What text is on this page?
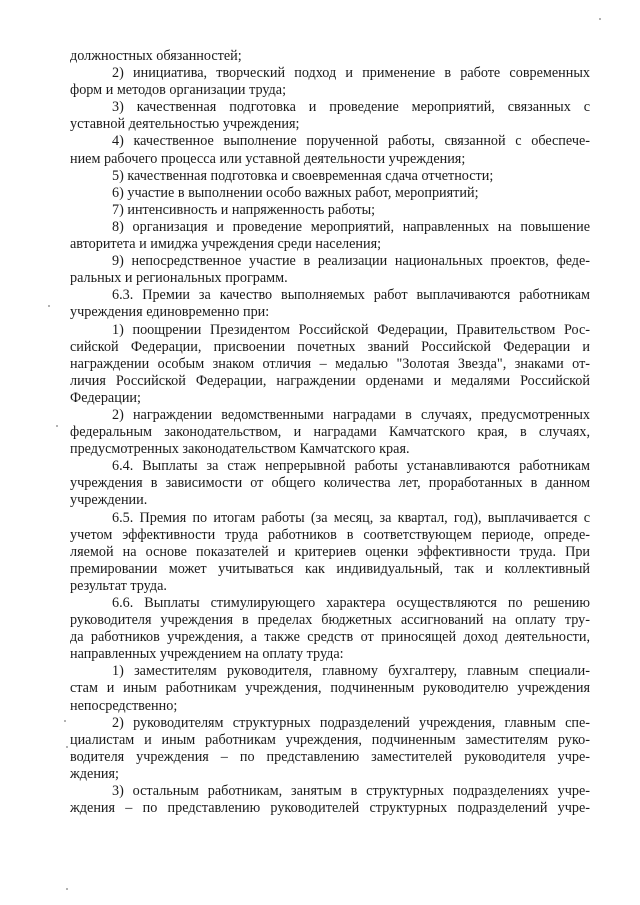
должностных обязанностей;
2) инициатива, творческий подход и применение в работе современных
форм и методов организации труда;
3) качественная подготовка и проведение мероприятий, связанных с
уставной деятельностью учреждения;
4) качественное выполнение порученной работы, связанной с обеспече-
нием рабочего процесса или уставной деятельности учреждения;
5) качественная подготовка и своевременная сдача отчетности;
6) участие в выполнении особо важных работ, мероприятий;
7) интенсивность и напряженность работы;
8) организация и проведение мероприятий, направленных на повышение
авторитета и имиджа учреждения среди населения;
9) непосредственное участие в реализации национальных проектов, феде-
ральных и региональных программ.
6.3. Премии за качество выполняемых работ выплачиваются работникам
учреждения единовременно при:
1) поощрении Президентом Российской Федерации, Правительством Рос-
сийской Федерации, присвоении почетных званий Российской Федерации и
награждении особым знаком отличия – медалью "Золотая Звезда", знаками от-
личия Российской Федерации, награждении орденами и медалями Российской
Федерации;
2) награждении ведомственными наградами в случаях, предусмотренных
федеральным законодательством, и наградами Камчатского края, в случаях,
предусмотренных законодательством Камчатского края.
6.4. Выплаты за стаж непрерывной работы устанавливаются работникам
учреждения в зависимости от общего количества лет, проработанных в данном
учреждении.
6.5. Премия по итогам работы (за месяц, за квартал, год), выплачивается с
учетом эффективности труда работников в соответствующем периоде, опреде-
ляемой на основе показателей и критериев оценки эффективности труда. При
премировании может учитываться как индивидуальный, так и коллективный
результат труда.
6.6. Выплаты стимулирующего характера осуществляются по решению
руководителя учреждения в пределах бюджетных ассигнований на оплату тру-
да работников учреждения, а также средств от приносящей доход деятельности,
направленных учреждением на оплату труда:
1) заместителям руководителя, главному бухгалтеру, главным специали-
стам и иным работникам учреждения, подчиненным руководителю учреждения
непосредственно;
2) руководителям структурных подразделений учреждения, главным спе-
циалистам и иным работникам учреждения, подчиненным заместителям руко-
водителя учреждения – по представлению заместителей руководителя учре-
ждения;
3) остальным работникам, занятым в структурных подразделениях учре-
ждения – по представлению руководителей структурных подразделений учре-
